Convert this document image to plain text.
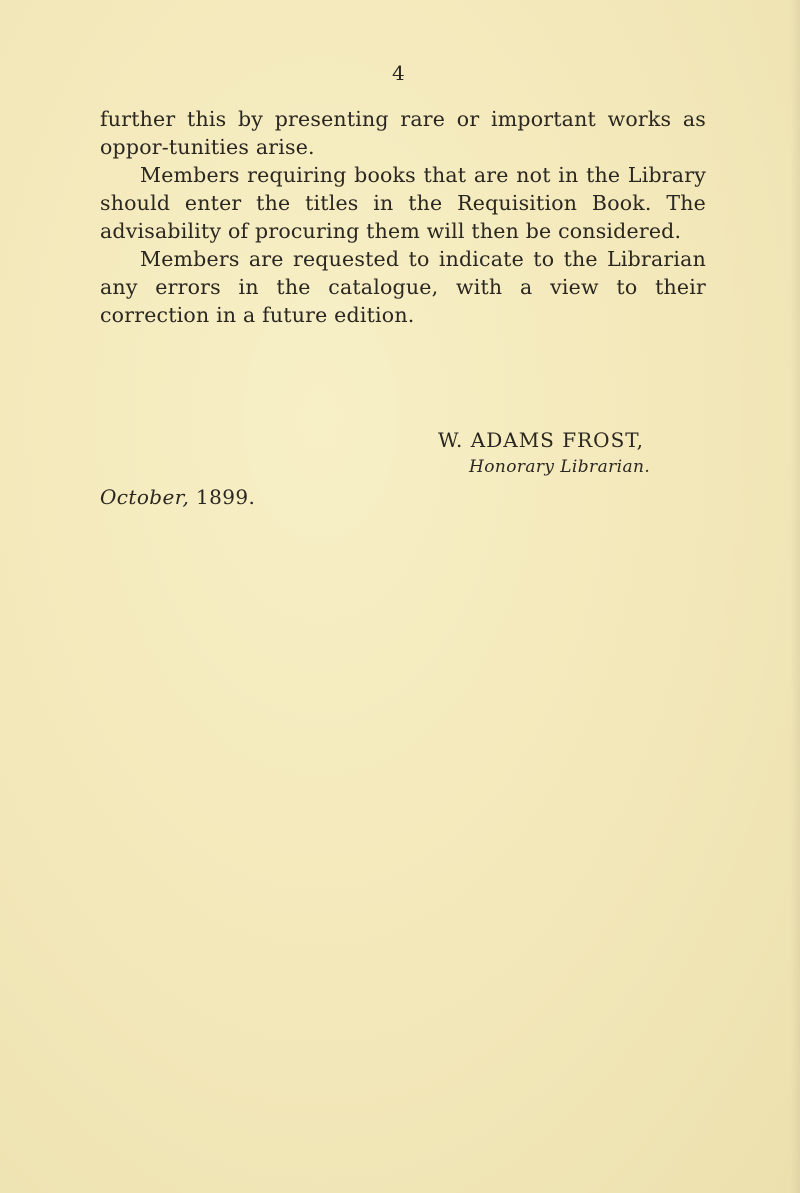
4

further this by presenting rare or important works as oppor-tunities arise.

Members requiring books that are not in the Library should enter the titles in the Requisition Book. The advisability of procuring them will then be considered.

Members are requested to indicate to the Librarian any errors in the catalogue, with a view to their correction in a future edition.

W. ADAMS FROST,
Honorary Librarian.
October, 1899.
